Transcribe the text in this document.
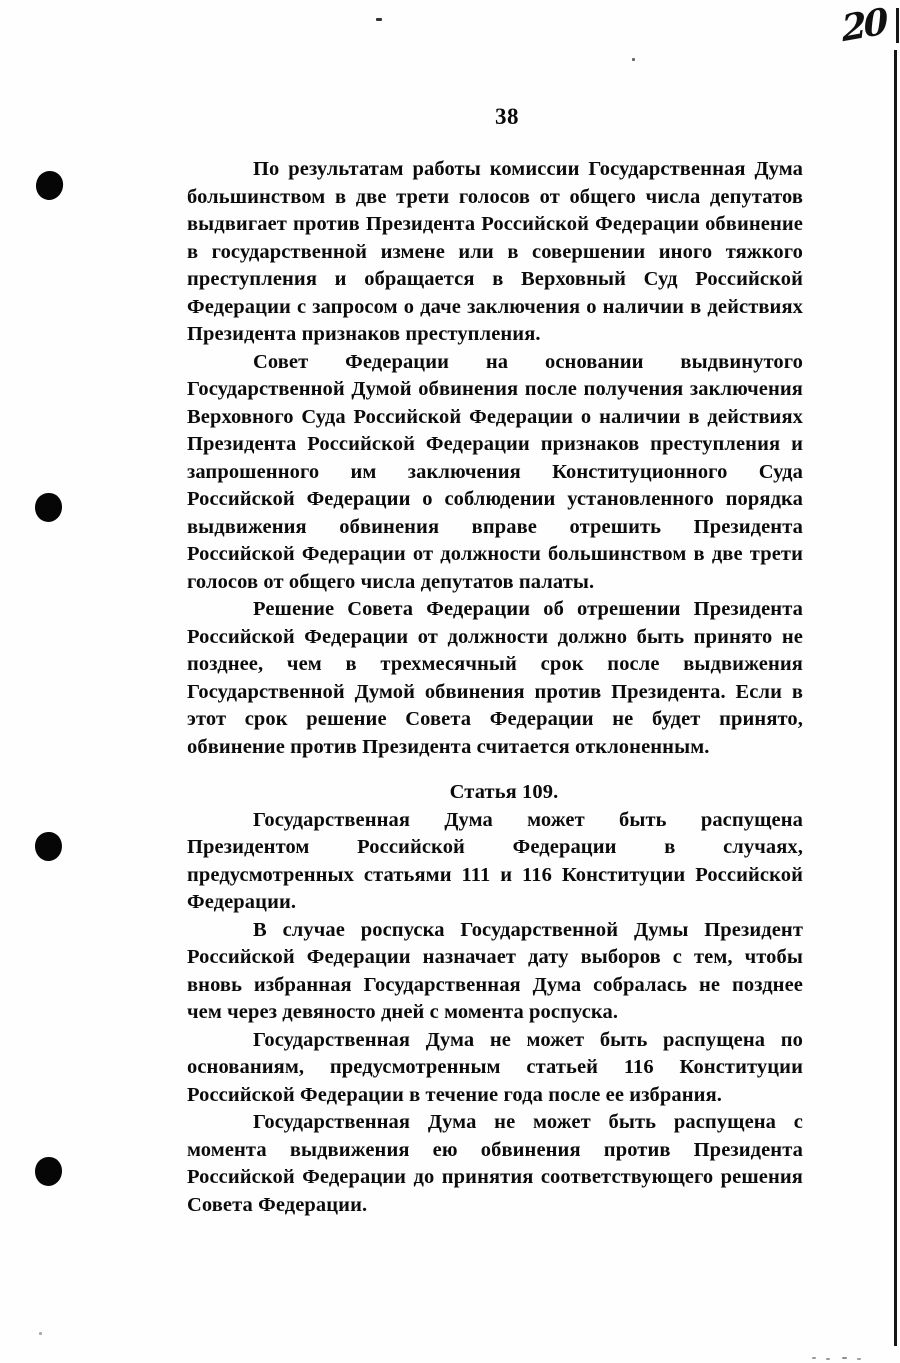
20
38

По результатам работы комиссии Государственная Дума большинством в две трети голосов от общего числа депутатов выдвигает против Президента Российской Федерации обвинение в государственной измене или в совершении иного тяжкого преступления и обращается в Верховный Суд Российской Федерации с запросом о даче заключения о наличии в действиях Президента признаков преступления.

Совет Федерации на основании выдвинутого Государственной Думой обвинения после получения заключения Верховного Суда Российской Федерации о наличии в действиях Президента Российской Федерации признаков преступления и запрошенного им заключения Конституционного Суда Российской Федерации о соблюдении установленного порядка выдвижения обвинения вправе отрешить Президента Российской Федерации от должности большинством в две трети голосов от общего числа депутатов палаты.

Решение Совета Федерации об отрешении Президента Российской Федерации от должности должно быть принято не позднее, чем в трехмесячный срок после выдвижения Государственной Думой обвинения против Президента. Если в этот срок решение Совета Федерации не будет принято, обвинение против Президента считается отклоненным.

Статья 109.

Государственная Дума может быть распущена Президентом Российской Федерации в случаях, предусмотренных статьями 111 и 116 Конституции Российской Федерации.

В случае роспуска Государственной Думы Президент Российской Федерации назначает дату выборов с тем, чтобы вновь избранная Государственная Дума собралась не позднее чем через девяносто дней с момента роспуска.

Государственная Дума не может быть распущена по основаниям, предусмотренным статьей 116 Конституции Российской Федерации в течение года после ее избрания.

Государственная Дума не может быть распущена с момента выдвижения ею обвинения против Президента Российской Федерации до принятия соответствующего решения Совета Федерации.
